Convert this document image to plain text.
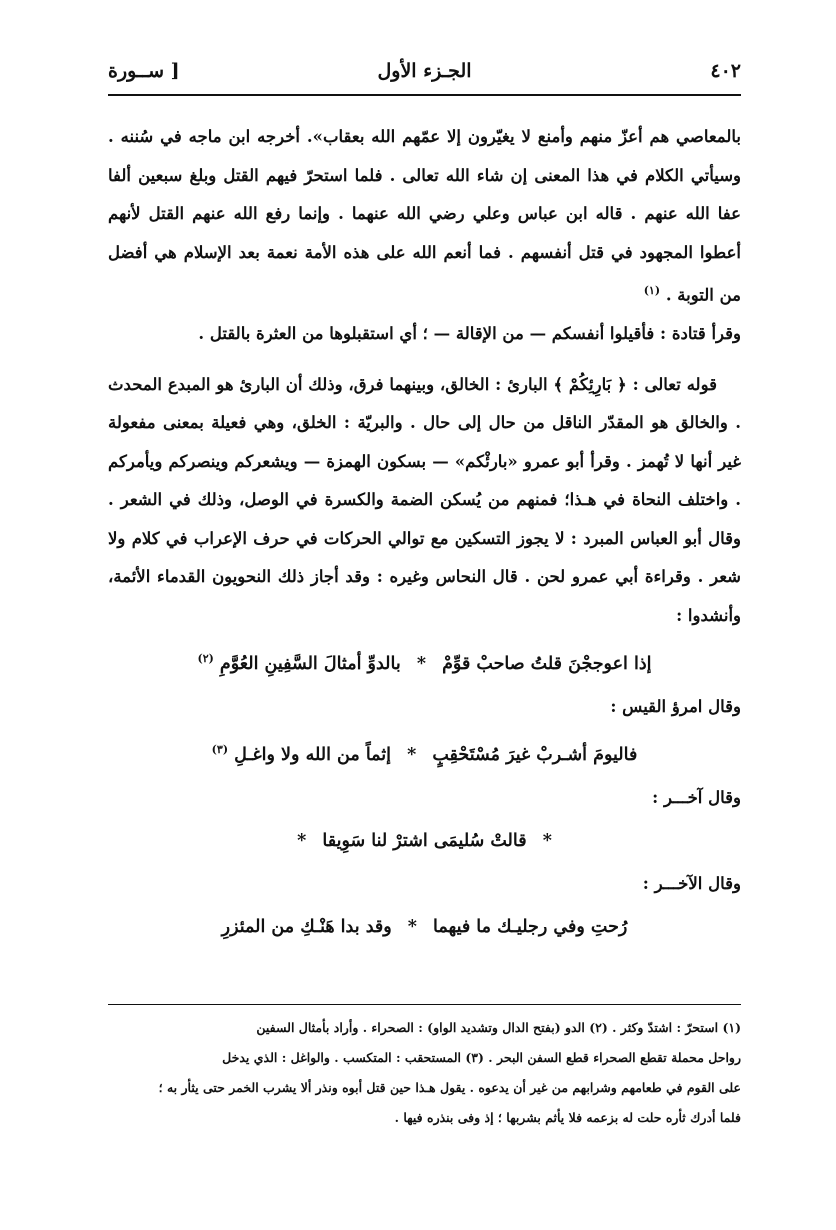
٤٠٢
الجـزء الأول
[ ســورة

بالمعاصي هم أعزّ منهم وأمنع لا يغيّرون إلا عمّهم الله بعقاب». أخرجه ابن ماجه في سُننه . وسيأتي الكلام في هذا المعنى إن شاء الله تعالى . فلما استحرّ فيهم القتل وبلغ سبعين ألفا عفا الله عنهم . قاله ابن عباس وعلي رضي الله عنهما . وإنما رفع الله عنهم القتل لأنهم أعطوا المجهود في قتل أنفسهم . فما أنعم الله على هذه الأمة نعمة بعد الإسلام هي أفضل من التوبة . $^{(١)}$

وقرأ قتادة : فأقيلوا أنفسكم — من الإقالة — ؛ أي استقبلوها من العثرة بالقتل .

قوله تعالى : ﴿ بَارِئِكُمْ ﴾ البارئ : الخالق، وبينهما فرق، وذلك أن البارئ هو المبدع المحدث . والخالق هو المقدّر الناقل من حال إلى حال . والبريّة : الخلق، وهي فعيلة بمعنى مفعولة غير أنها لا تُهمز . وقرأ أبو عمرو «بارئْكم» — بسكون الهمزة — ويشعركم وينصركم ويأمركم . واختلف النحاة في هـذا؛ فمنهم من يُسكن الضمة والكسرة في الوصل، وذلك في الشعر . وقال أبو العباس المبرد : لا يجوز التسكين مع توالي الحركات في حرف الإعراب في كلام ولا شعر . وقراءة أبي عمرو لحن . قال النحاس وغيره : وقد أجاز ذلك النحويون القدماء الأئمة، وأنشدوا :

إذا اعوججْنَ قلتُ صاحبْ قوِّمْ * بالدوِّ أمثالَ السَّفِينِ العُوَّمِ $^{(٢)}$

وقال امرؤ القيس :

فاليومَ أشـربْ غيرَ مُسْتَحْقِبٍ * إثماً من الله ولا واغـلِ $^{(٣)}$

وقال آخـــر :

* قالتْ سُليمَى اشترْ لنا سَوِيقا *

وقال الآخـــر :

رُحتِ وفي رجليـك ما فيهما * وقد بدا هَنْـكِ من المئزرِ

(١) استحرّ : اشتدّ وكثر . (٢) الدو (بفتح الدال وتشديد الواو) : الصحراء . وأراد بأمثال السفين

رواحل محملة تقطع الصحراء قطع السفن البحر . (٣) المستحقب : المتكسب . والواغل : الذي يدخل

على القوم في طعامهم وشرابهم من غير أن يدعوه . يقول هـذا حين قتل أبوه ونذر ألا يشرب الخمر حتى يثأر به ؛

فلما أدرك ثأره حلت له بزعمه فلا يأثم بشربها ؛ إذ وفى بنذره فيها .
